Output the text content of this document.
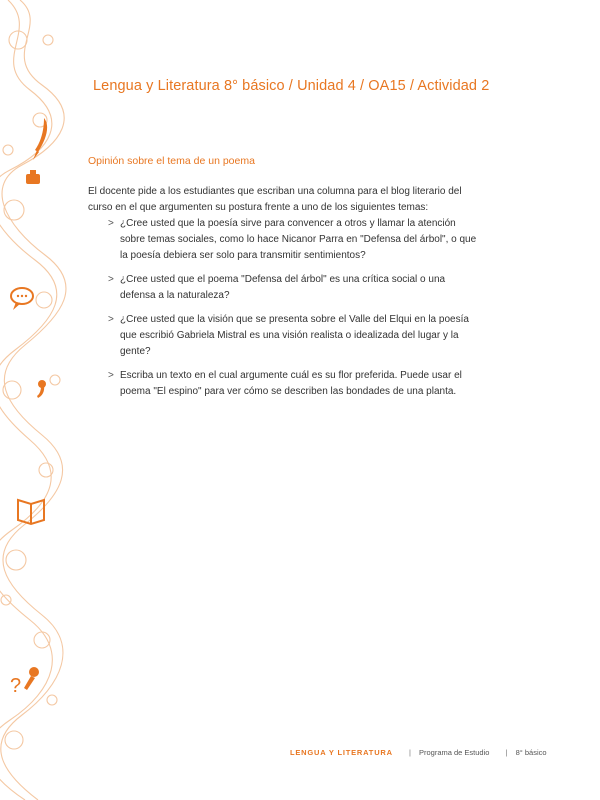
?
Lengua y Literatura 8° básico / Unidad 4 / OA15 / Actividad 2
Opinión sobre el tema de un poema

El docente pide a los estudiantes que escriban una columna para el blog literario del curso en el que argumenten su postura frente a uno de los siguientes temas:

> ¿Cree usted que la poesía sirve para convencer a otros y llamar la atención sobre temas sociales, como lo hace Nicanor Parra en "Defensa del árbol", o que la poesía debiera ser solo para transmitir sentimientos?
> ¿Cree usted que el poema "Defensa del árbol" es una crítica social o una defensa a la naturaleza?
> ¿Cree usted que la visión que se presenta sobre el Valle del Elqui en la poesía que escribió Gabriela Mistral es una visión realista o idealizada del lugar y la gente?
> Escriba un texto en el cual argumente cuál es su flor preferida. Puede usar el poema "El espino" para ver cómo se describen las bondades de una planta.
LENGUA Y LITERATURA | Programa de Estudio | 8° básico
